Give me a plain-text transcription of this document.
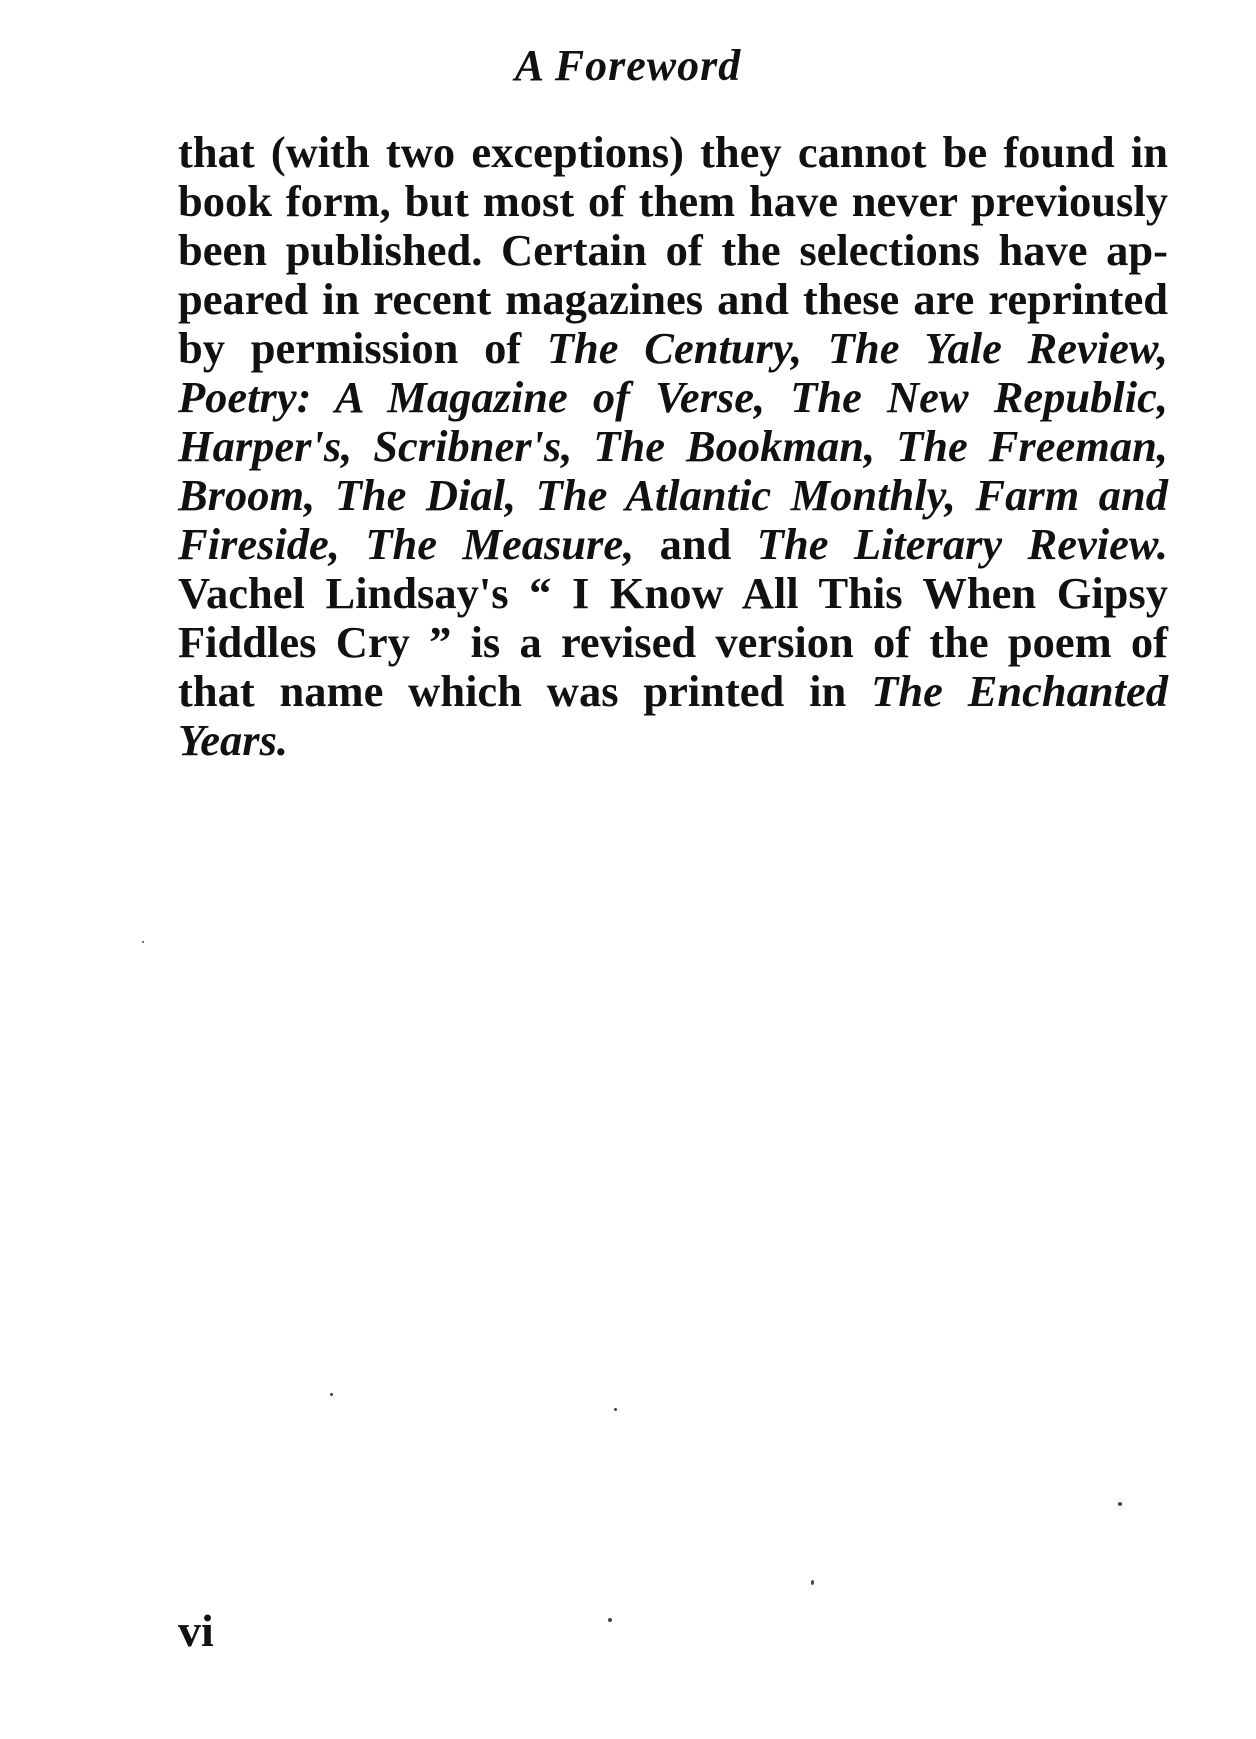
A Foreword
that (with two exceptions) they cannot be found in
book form, but most of them have never previously
been published. Certain of the selections have ap-
peared in recent magazines and these are reprinted
by permission of The Century, The Yale Review,
Poetry: A Magazine of Verse, The New Republic,
Harper's, Scribner's, The Bookman, The Freeman,
Broom, The Dial, The Atlantic Monthly, Farm and
Fireside, The Measure, and The Literary Review.
Vachel Lindsay's “ I Know All This When Gipsy
Fiddles Cry ” is a revised version of the poem of
that name which was printed in The Enchanted
Years.
vi
